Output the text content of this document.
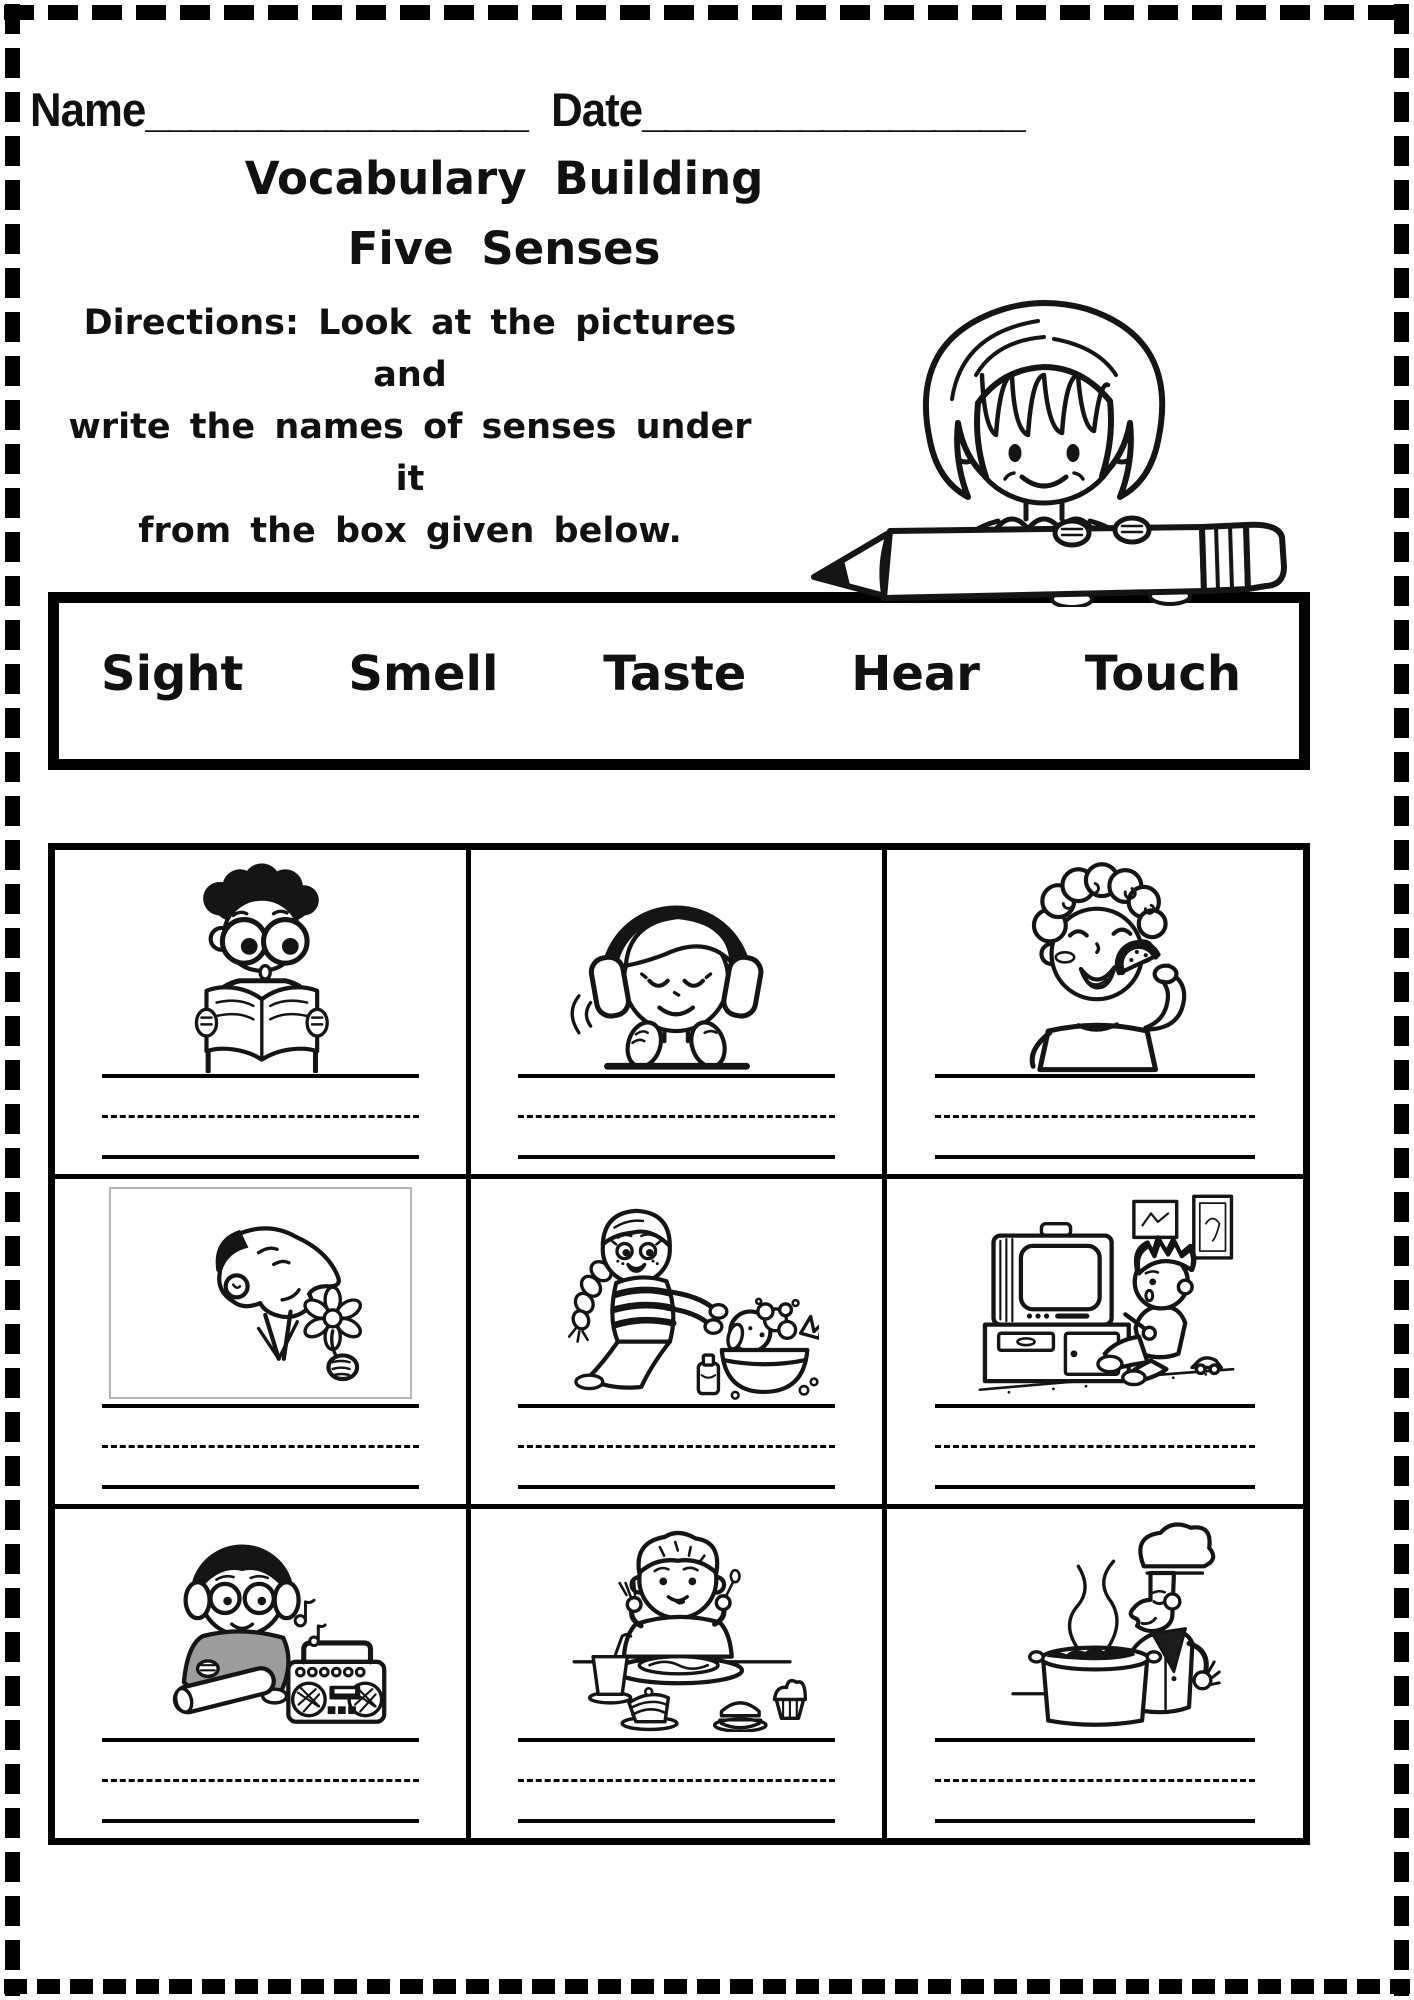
Name_________________ Date_________________
Vocabulary Building
Five Senses
Directions: Look at the pictures and
write the names of senses under it
from the box given below.
Sight Smell Taste Hear Touch
